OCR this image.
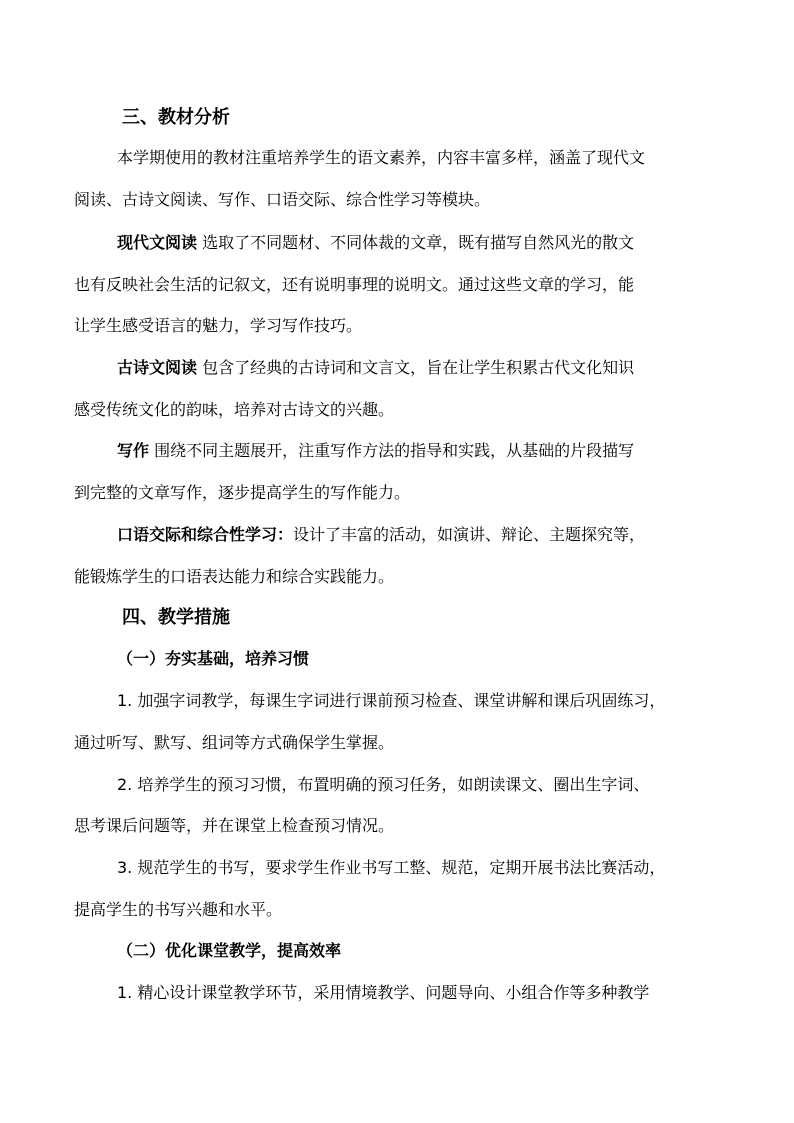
三、教材分析
本学期使用的教材注重培养学生的语文素养，内容丰富多样，涵盖了现代文
阅读、古诗文阅读、写作、口语交际、综合性学习等模块。
现代文阅读 选取了不同题材、不同体裁的文章，既有描写自然风光的散文
也有反映社会生活的记叙文，还有说明事理的说明文。通过这些文章的学习，能
让学生感受语言的魅力，学习写作技巧。
古诗文阅读 包含了经典的古诗词和文言文，旨在让学生积累古代文化知识
感受传统文化的韵味，培养对古诗文的兴趣。
写作 围绕不同主题展开，注重写作方法的指导和实践，从基础的片段描写
到完整的文章写作，逐步提高学生的写作能力。
口语交际和综合性学习：设计了丰富的活动，如演讲、辩论、主题探究等，
能锻炼学生的口语表达能力和综合实践能力。
四、教学措施
（一）夯实基础，培养习惯
1. 加强字词教学，每课生字词进行课前预习检查、课堂讲解和课后巩固练习，
通过听写、默写、组词等方式确保学生掌握。
2. 培养学生的预习习惯，布置明确的预习任务，如朗读课文、圈出生字词、
思考课后问题等，并在课堂上检查预习情况。
3. 规范学生的书写，要求学生作业书写工整、规范，定期开展书法比赛活动，
提高学生的书写兴趣和水平。
（二）优化课堂教学，提高效率
1. 精心设计课堂教学环节，采用情境教学、问题导向、小组合作等多种教学
